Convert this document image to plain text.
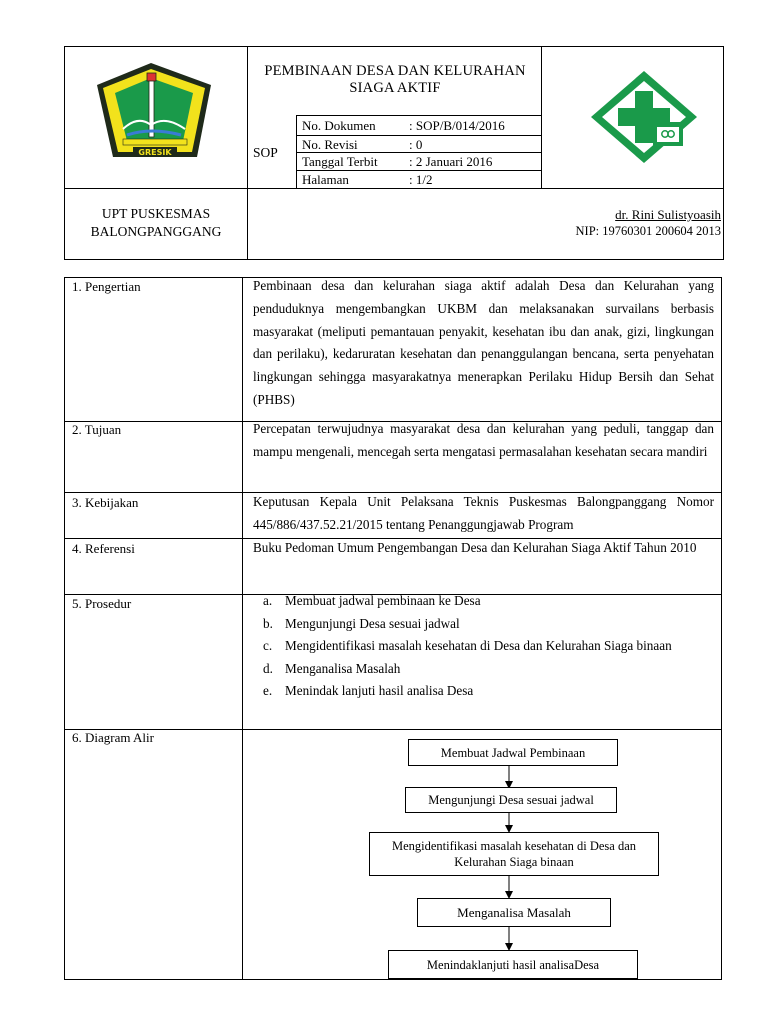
GRESIK
PEMBINAAN DESA DAN KELURAHAN
SIAGA AKTIF
SOP
No. Dokumen	: SOP/B/014/2016
No. Revisi	: 0
Tanggal Terbit : 2 Januari 2016
Halaman	: 1/2
UPT PUSKESMAS
BALONGPANGGANG
dr. Rini Sulistyoasih
NIP: 19760301 200604 2013
1. Pengertian	Pembinaan desa dan kelurahan siaga aktif adalah Desa dan Kelurahan yang penduduknya mengembangkan UKBM dan melaksanakan survailans berbasis masyarakat (meliputi pemantauan penyakit, kesehatan ibu dan anak, gizi, lingkungan dan perilaku), kedaruratan kesehatan dan penanggulangan bencana, serta penyehatan lingkungan sehingga masyarakatnya menerapkan Perilaku Hidup Bersih dan Sehat (PHBS)
2. Tujuan	Percepatan terwujudnya masyarakat desa dan kelurahan yang peduli, tanggap dan mampu mengenali, mencegah serta mengatasi permasalahan kesehatan secara mandiri
3. Kebijakan	Keputusan Kepala Unit Pelaksana Teknis Puskesmas Balongpanggang Nomor 445/886/437.52.21/2015 tentang Penanggungjawab Program
4. Referensi	Buku Pedoman Umum Pengembangan Desa dan Kelurahan Siaga Aktif Tahun 2010
5. Prosedur	a. Membuat jadwal pembinaan ke Desa
b. Mengunjungi Desa sesuai jadwal
c. Mengidentifikasi masalah kesehatan di Desa dan Kelurahan Siaga binaan
d. Menganalisa Masalah
e. Menindak lanjuti hasil analisa Desa
6. Diagram Alir
Membuat Jadwal Pembinaan
Mengunjungi Desa sesuai jadwal
Mengidentifikasi masalah kesehatan di Desa dan Kelurahan Siaga binaan
Menganalisa Masalah
Menindaklanjuti hasil analisaDesa
